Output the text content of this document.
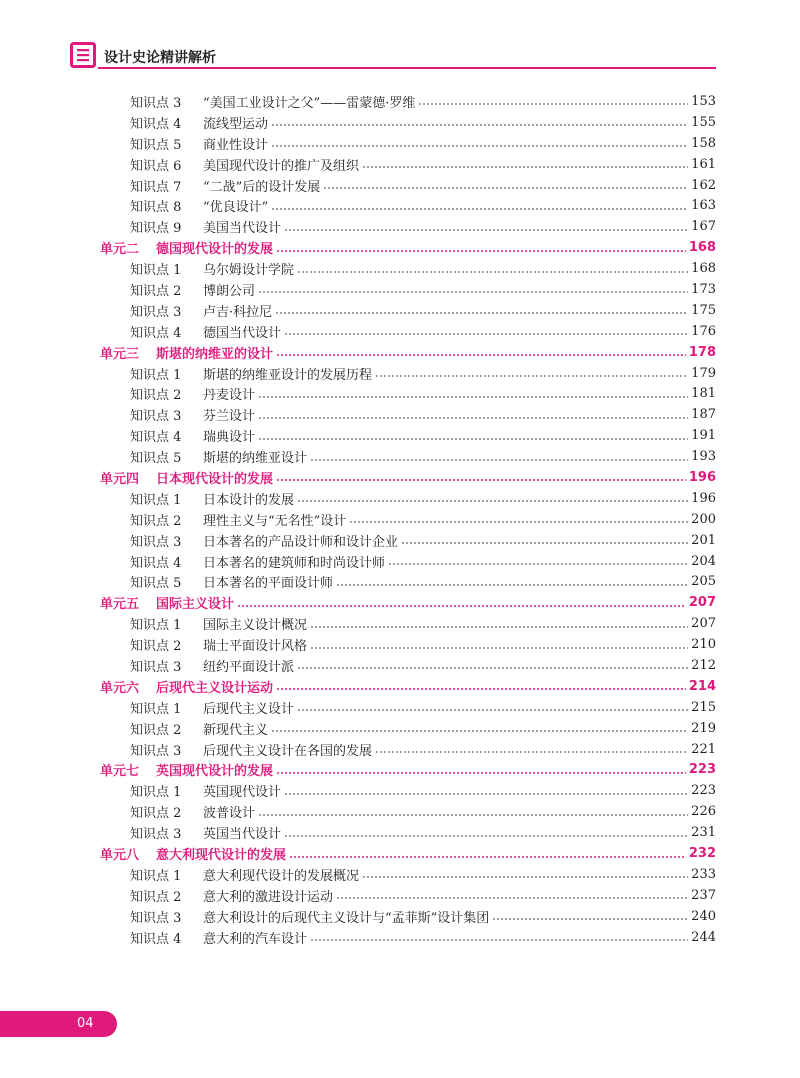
设计史论精讲解析
知识点 3	“美国工业设计之父”——雷蒙德·罗维	153
知识点 4	流线型运动	155
知识点 5	商业性设计	158
知识点 6	美国现代设计的推广及组织	161
知识点 7	“二战”后的设计发展	162
知识点 8	“优良设计”	163
知识点 9	美国当代设计	167
单元二	德国现代设计的发展	168
知识点 1	乌尔姆设计学院	168
知识点 2	博朗公司	173
知识点 3	卢吉·科拉尼	175
知识点 4	德国当代设计	176
单元三	斯堪的纳维亚的设计	178
知识点 1	斯堪的纳维亚设计的发展历程	179
知识点 2	丹麦设计	181
知识点 3	芬兰设计	187
知识点 4	瑞典设计	191
知识点 5	斯堪的纳维亚设计	193
单元四	日本现代设计的发展	196
知识点 1	日本设计的发展	196
知识点 2	理性主义与“无名性”设计	200
知识点 3	日本著名的产品设计师和设计企业	201
知识点 4	日本著名的建筑师和时尚设计师	204
知识点 5	日本著名的平面设计师	205
单元五	国际主义设计	207
知识点 1	国际主义设计概况	207
知识点 2	瑞士平面设计风格	210
知识点 3	纽约平面设计派	212
单元六	后现代主义设计运动	214
知识点 1	后现代主义设计	215
知识点 2	新现代主义	219
知识点 3	后现代主义设计在各国的发展	221
单元七	英国现代设计的发展	223
知识点 1	英国现代设计	223
知识点 2	波普设计	226
知识点 3	英国当代设计	231
单元八	意大利现代设计的发展	232
知识点 1	意大利现代设计的发展概况	233
知识点 2	意大利的激进设计运动	237
知识点 3	意大利设计的后现代主义设计与“孟菲斯”设计集团	240
知识点 4	意大利的汽车设计	244
04
